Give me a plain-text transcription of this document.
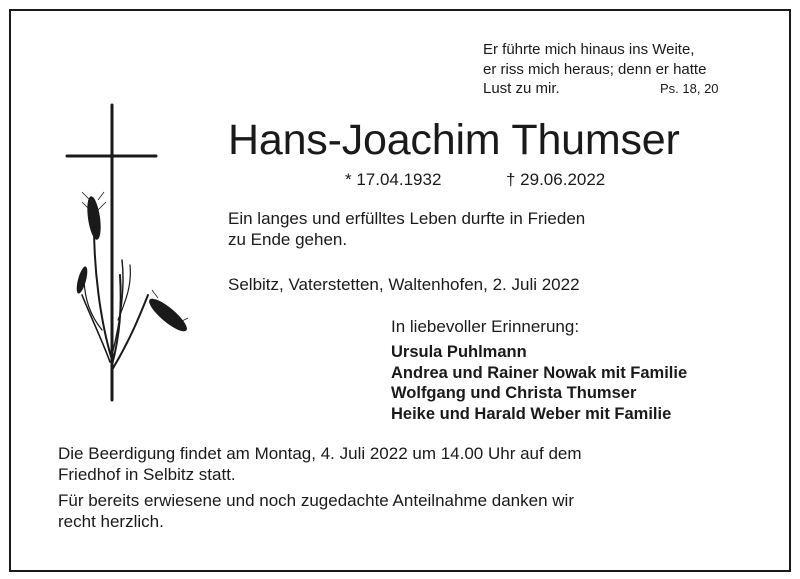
Er führte mich hinaus ins Weite,
er riss mich heraus; denn er hatte
Lust zu mir.	Ps. 18, 20
Hans-Joachim Thumser
* 17.04.1932	† 29.06.2022
Ein langes und erfülltes Leben durfte in Frieden
zu Ende gehen.
Selbitz, Vaterstetten, Waltenhofen, 2. Juli 2022
In liebevoller Erinnerung:
Ursula Puhlmann
Andrea und Rainer Nowak mit Familie
Wolfgang und Christa Thumser
Heike und Harald Weber mit Familie
Die Beerdigung findet am Montag, 4. Juli 2022 um 14.00 Uhr auf dem
Friedhof in Selbitz statt.
Für bereits erwiesene und noch zugedachte Anteilnahme danken wir
recht herzlich.
